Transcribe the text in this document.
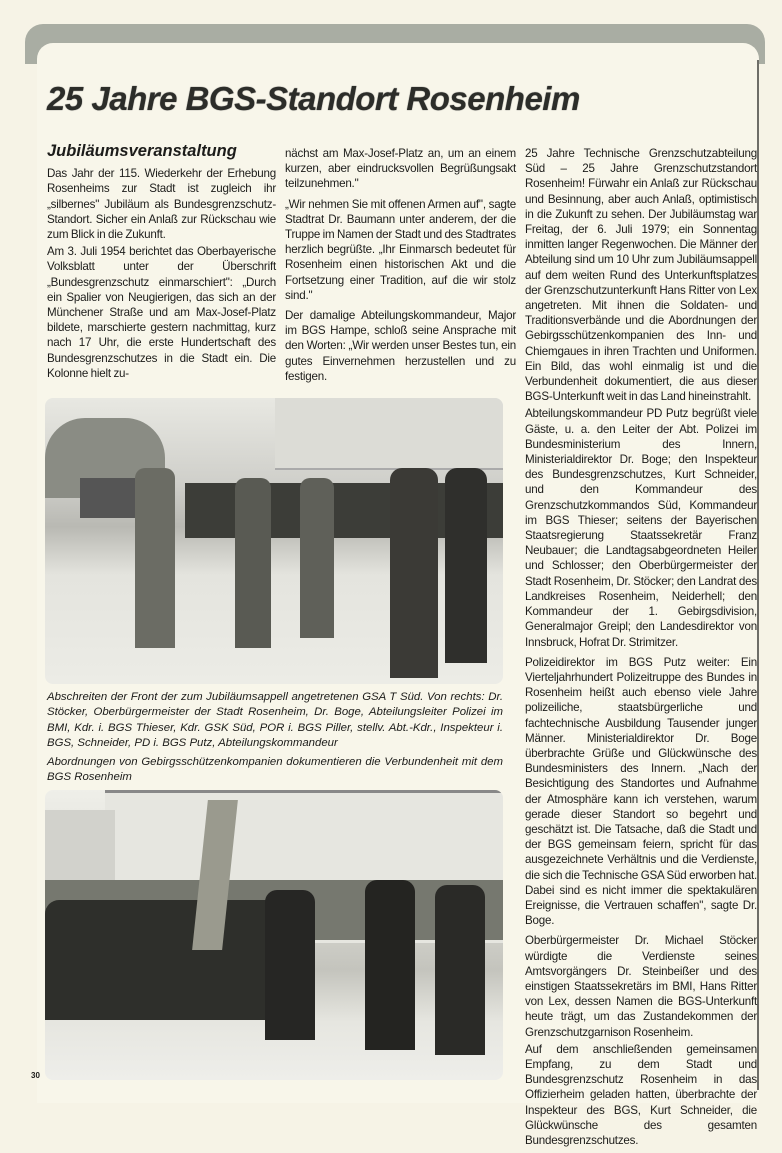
25 Jahre BGS-Standort Rosenheim
Jubiläumsveranstaltung

Das Jahr der 115. Wiederkehr der Erhebung Rosenheims zur Stadt ist zugleich ihr „silbernes" Jubiläum als Bundesgrenzschutz-Standort. Sicher ein Anlaß zur Rückschau wie zum Blick in die Zukunft.

Am 3. Juli 1954 berichtet das Oberbayerische Volksblatt unter der Überschrift „Bundesgrenzschutz einmarschiert": „Durch ein Spalier von Neugierigen, das sich an der Münchener Straße und am Max-Josef-Platz bildete, marschierte gestern nachmittag, kurz nach 17 Uhr, die erste Hundertschaft des Bundesgrenzschutzes in die Stadt ein. Die Kolonne hielt zu-

nächst am Max-Josef-Platz an, um an einem kurzen, aber eindrucksvollen Begrüßungsakt teilzunehmen."

„Wir nehmen Sie mit offenen Armen auf", sagte Stadtrat Dr. Baumann unter anderem, der die Truppe im Namen der Stadt und des Stadtrates herzlich begrüßte. „Ihr Einmarsch bedeutet für Rosenheim einen historischen Akt und die Fortsetzung einer Tradition, auf die wir stolz sind."

Der damalige Abteilungskommandeur, Major im BGS Hampe, schloß seine Ansprache mit den Worten: „Wir werden unser Bestes tun, ein gutes Einvernehmen herzustellen und zu festigen.

25 Jahre Technische Grenzschutzabteilung Süd – 25 Jahre Grenzschutzstandort Rosenheim! Fürwahr ein Anlaß zur Rückschau und Besinnung, aber auch Anlaß, optimistisch in die Zukunft zu sehen. Der Jubiläumstag war Freitag, der 6. Juli 1979; ein Sonnentag inmitten langer Regenwochen. Die Männer der Abteilung sind um 10 Uhr zum Jubiläumsappell auf dem weiten Rund des Unterkunftsplatzes der Grenzschutzunterkunft Hans Ritter von Lex angetreten. Mit ihnen die Soldaten- und Traditionsverbände und die Abordnungen der Gebirgsschützenkompanien des Inn- und Chiemgaues in ihren Trachten und Uniformen. Ein Bild, das wohl einmalig ist und die Verbundenheit dokumentiert, die aus dieser BGS-Unterkunft weit in das Land hineinstrahlt.

Abteilungskommandeur PD Putz begrüßt viele Gäste, u. a. den Leiter der Abt. Polizei im Bundesministerium des Innern, Ministerialdirektor Dr. Boge; den Inspekteur des Bundesgrenzschutzes, Kurt Schneider, und den Kommandeur des Grenzschutzkommandos Süd, Kommandeur im BGS Thieser; seitens der Bayerischen Staatsregierung Staatssekretär Franz Neubauer; die Landtagsabgeordneten Heiler und Schlosser; den Oberbürgermeister der Stadt Rosenheim, Dr. Stöcker; den Landrat des Landkreises Rosenheim, Neiderhell; den Kommandeur der 1. Gebirgsdivision, Generalmajor Greipl; den Landesdirektor von Innsbruck, Hofrat Dr. Strimitzer.

Polizeidirektor im BGS Putz weiter: Ein Vierteljahrhundert Polizeitruppe des Bundes in Rosenheim heißt auch ebenso viele Jahre polizeiliche, staatsbürgerliche und fachtechnische Ausbildung Tausender junger Männer. Ministerialdirektor Dr. Boge überbrachte Grüße und Glückwünsche des Bundesministers des Innern. „Nach der Besichtigung des Standortes und Aufnahme der Atmosphäre kann ich verstehen, warum gerade dieser Standort so begehrt und geschätzt ist. Die Tatsache, daß die Stadt und der BGS gemeinsam feiern, spricht für das ausgezeichnete Verhältnis und die Verdienste, die sich die Technische GSA Süd erworben hat. Dabei sind es nicht immer die spektakulären Ereignisse, die Vertrauen schaffen", sagte Dr. Boge.

Oberbürgermeister Dr. Michael Stöcker würdigte die Verdienste seines Amtsvorgängers Dr. Steinbeißer und des einstigen Staatssekretärs im BMI, Hans Ritter von Lex, dessen Namen die BGS-Unterkunft heute trägt, um das Zustandekommen der Grenzschutzgarnison Rosenheim.

Auf dem anschließenden gemeinsamen Empfang, zu dem Stadt und Bundesgrenzschutz Rosenheim in das Offizierheim geladen hatten, überbrachte der Inspekteur des BGS, Kurt Schneider, die Glückwünsche des gesamten Bundesgrenzschutzes.

Abschreiten der Front der zum Jubiläumsappell angetretenen GSA T Süd. Von rechts: Dr. Stöcker, Oberbürgermeister der Stadt Rosenheim, Dr. Boge, Abteilungsleiter Polizei im BMI, Kdr. i. BGS Thieser, Kdr. GSK Süd, POR i. BGS Piller, stellv. Abt.-Kdr., Inspekteur i. BGS, Schneider, PD i. BGS Putz, Abteilungskommandeur
Abordnungen von Gebirgsschützenkompanien dokumentieren die Verbundenheit mit dem BGS Rosenheim
30
